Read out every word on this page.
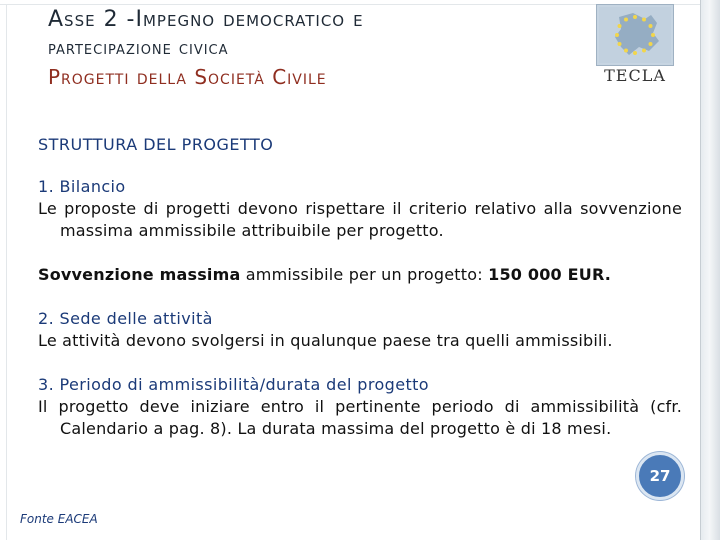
Asse 2 -Impegno democratico e
partecipazione civica
Progetti della Società Civile	TECLA
STRUTTURA DEL PROGETTO
1. Bilancio
Le proposte di progetti devono rispettare il criterio relativo alla sovvenzione massima ammissibile attribuibile per progetto.
Sovvenzione massima ammissibile per un progetto: 150 000 EUR.
2. Sede delle attività
Le attività devono svolgersi in qualunque paese tra quelli ammissibili.
3. Periodo di ammissibilità/durata del progetto
Il progetto deve iniziare entro il pertinente periodo di ammissibilità (cfr. Calendario a pag. 8). La durata massima del progetto è di 18 mesi.
27
Fonte EACEA
